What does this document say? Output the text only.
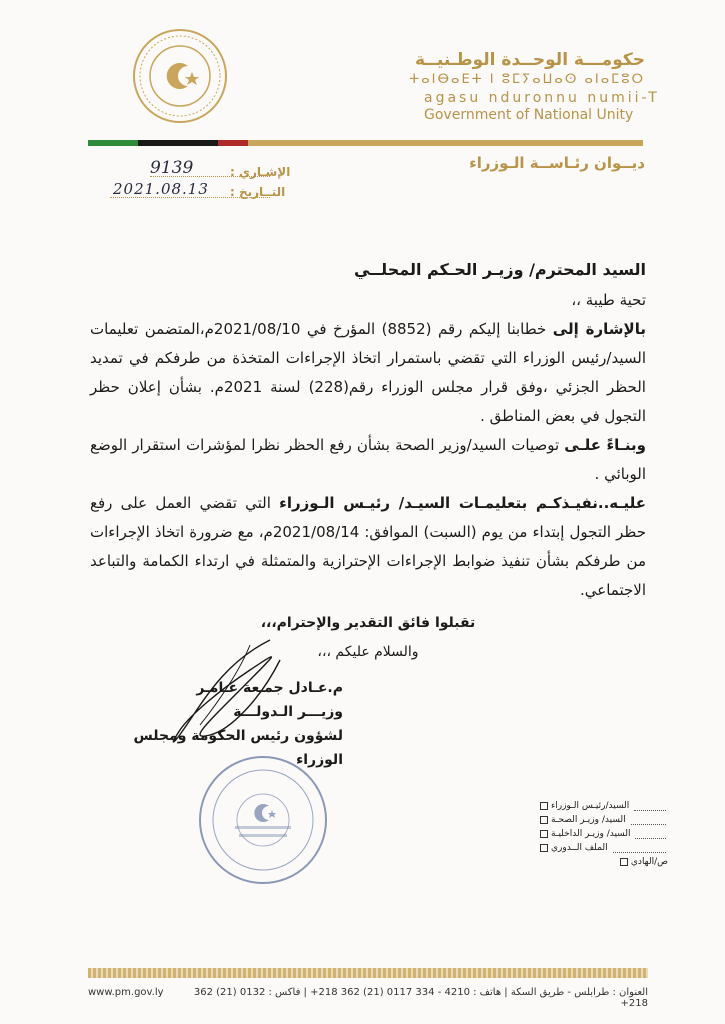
حكومـــة الوحــدة الوطـنيــة
ⵜⴰⵏⴱⴰⴹⵜ ⵏ ⵓⵎⵢⴰⵡⴰⵙ ⴰⵏⴰⵎⵓⵔ
agasu nduronnu numii-T
Government of National Unity
ديــوان رئـاســة الـوزراء
الإشـاري :
التــاريخ :
9139
2021.08.13

السيد المحترم/ وزيـر الحـكم المحلــي

تحية طيبة ،،

بالإشارة إلى خطابنا إليكم رقم (8852) المؤرخ في 2021/08/10م،المتضمن تعليمات السيد/رئيس الوزراء التي تقضي باستمرار اتخاذ الإجراءات المتخذة من طرفكم في تمديد الحظر الجزئي ،وفق قرار مجلس الوزراء رقم(228) لسنة 2021م. بشأن إعلان حظر التجول في بعض المناطق .

وبنـاءً علـى توصيات السيد/وزير الصحة بشأن رفع الحظر نظرا لمؤشرات استقرار الوضع الوبائي .

عليـه..نفيـذكـم بتعليمـات السيـد/ رئيـس الـوزراء التي تقضي العمل على رفع حظر التجول إبتداء من يوم (السبت) الموافق: 2021/08/14م، مع ضرورة اتخاذ الإجراءات من طرفكم بشأن تنفيذ ضوابط الإجراءات الإحترازية والمتمثلة في ارتداء الكمامة والتباعد الاجتماعي.

تقبلوا فائق التقدير والإحترام،،،

والسلام عليكم ،،،

م.عـادل جمـعة عـامـر
وزيـــر الـدولـــة
لشؤون رئيس الحكومة ومجلس الوزراء
السيد/رئيـس الـوزراء
السيد/ وزيـر الصحـة
السيد/ وزيـر الداخليـة
الملف الــدوري
ص/الهادي
www.pm.gov.ly	العنوان : طرابلس - طريق السكة | هاتف : 4210 - 334 0117 (21) 362 218+ | فاكس : 0132 (21) 362 218+
